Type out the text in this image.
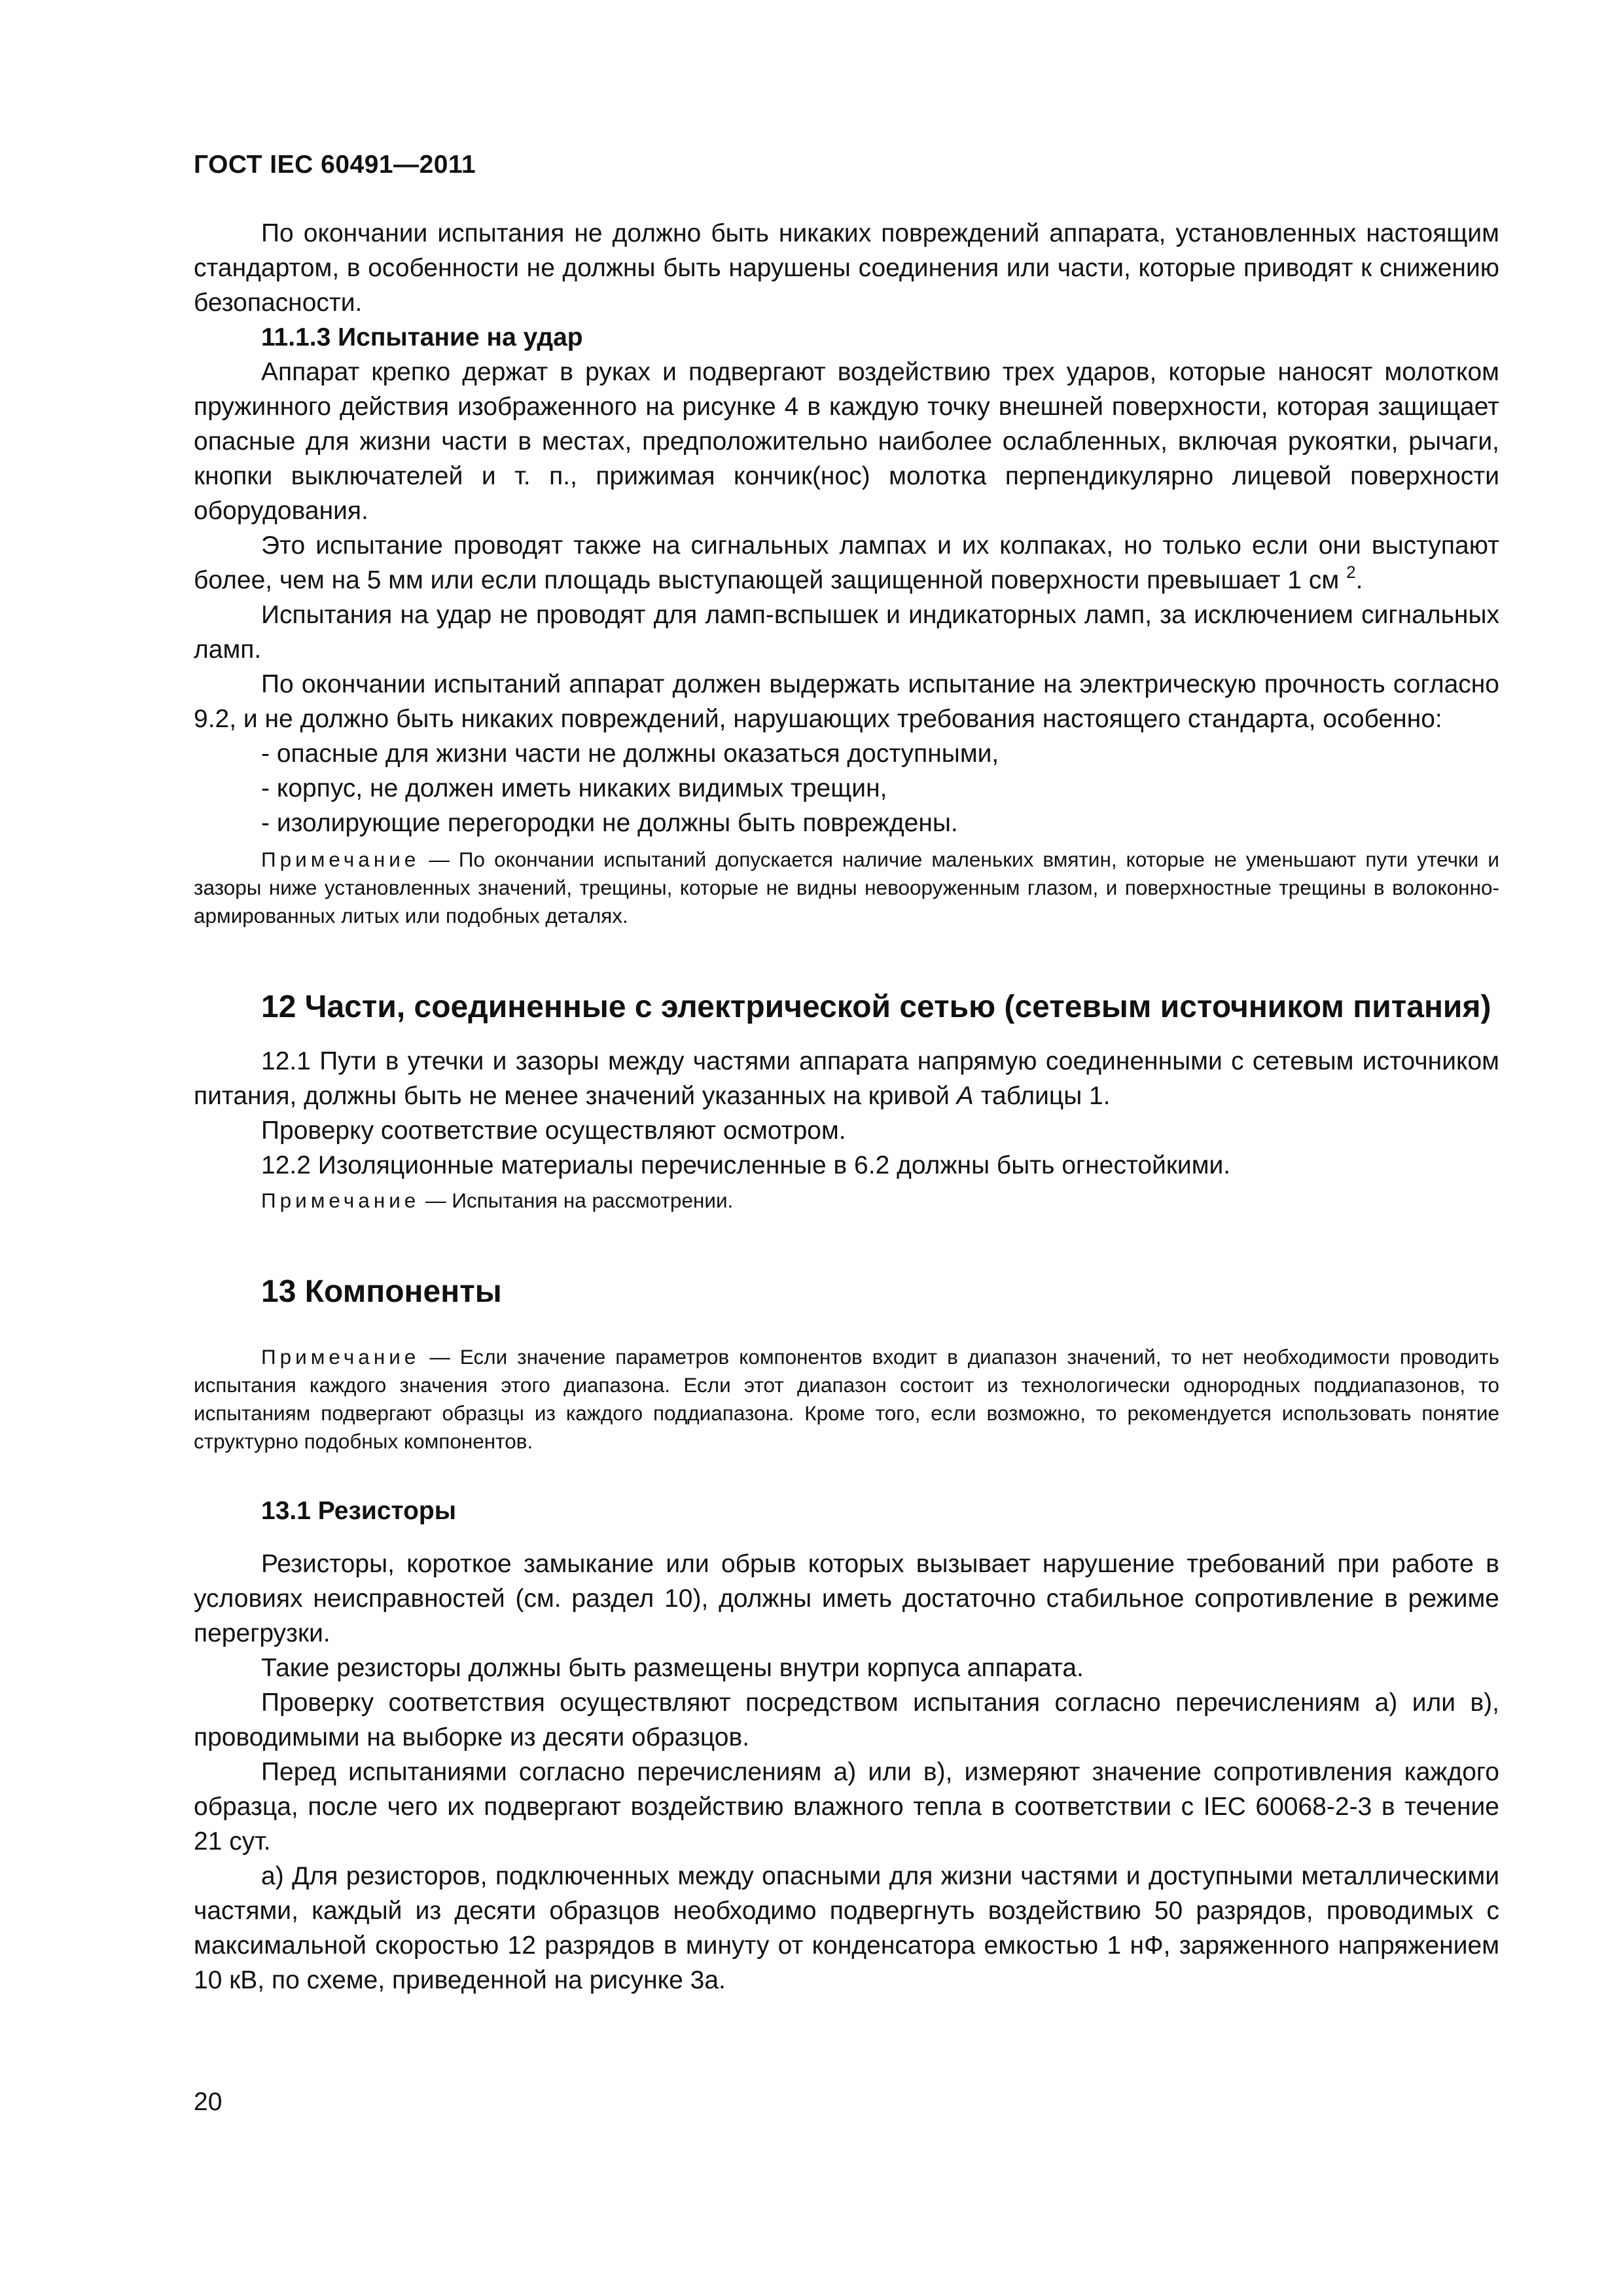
ГОСТ IEC 60491—2011

По окончании испытания не должно быть никаких повреждений аппарата, установленных настоящим стандартом, в особенности не должны быть нарушены соединения или части, которые приводят к снижению безопасности.

11.1.3 Испытание на удар

Аппарат крепко держат в руках и подвергают воздействию трех ударов, которые наносят молотком пружинного действия изображенного на рисунке 4 в каждую точку внешней поверхности, которая защищает опасные для жизни части в местах, предположительно наиболее ослабленных, включая рукоятки, рычаги, кнопки выключателей и т. п., прижимая кончик(нос) молотка перпендикулярно лицевой поверхности оборудования.

Это испытание проводят также на сигнальных лампах и их колпаках, но только если они выступают более, чем на 5 мм или если площадь выступающей защищенной поверхности превышает 1 см $^2$.

Испытания на удар не проводят для ламп-вспышек и индикаторных ламп, за исключением сигнальных ламп.

По окончании испытаний аппарат должен выдержать испытание на электрическую прочность согласно 9.2, и не должно быть никаких повреждений, нарушающих требования настоящего стандарта, особенно:

- опасные для жизни части не должны оказаться доступными,

- корпус, не должен иметь никаких видимых трещин,

- изолирующие перегородки не должны быть повреждены.

Примечание — По окончании испытаний допускается наличие маленьких вмятин, которые не уменьшают пути утечки и зазоры ниже установленных значений, трещины, которые не видны невооруженным глазом, и поверхностные трещины в волоконно-армированных литых или подобных деталях.

12 Части, соединенные с электрической сетью (сетевым источником питания)

12.1 Пути в утечки и зазоры между частями аппарата напрямую соединенными с сетевым источником питания, должны быть не менее значений указанных на кривой А таблицы 1.

Проверку соответствие осуществляют осмотром.

12.2 Изоляционные материалы перечисленные в 6.2 должны быть огнестойкими.

Примечание — Испытания на рассмотрении.

13 Компоненты

Примечание — Если значение параметров компонентов входит в диапазон значений, то нет необходимости проводить испытания каждого значения этого диапазона. Если этот диапазон состоит из технологически однородных поддиапазонов, то испытаниям подвергают образцы из каждого поддиапазона. Кроме того, если возможно, то рекомендуется использовать понятие структурно подобных компонентов.

13.1 Резисторы

Резисторы, короткое замыкание или обрыв которых вызывает нарушение требований при работе в условиях неисправностей (см. раздел 10), должны иметь достаточно стабильное сопротивление в режиме перегрузки.

Такие резисторы должны быть размещены внутри корпуса аппарата.

Проверку соответствия осуществляют посредством испытания согласно перечислениям а) или в), проводимыми на выборке из десяти образцов.

Перед испытаниями согласно перечислениям а) или в), измеряют значение сопротивления каждого образца, после чего их подвергают воздействию влажного тепла в соответствии с IEC 60068-2-3 в течение 21 сут.

а) Для резисторов, подключенных между опасными для жизни частями и доступными металлическими частями, каждый из десяти образцов необходимо подвергнуть воздействию 50 разрядов, проводимых с максимальной скоростью 12 разрядов в минуту от конденсатора емкостью 1 нФ, заряженного напряжением 10 кВ, по схеме, приведенной на рисунке 3а.

20
